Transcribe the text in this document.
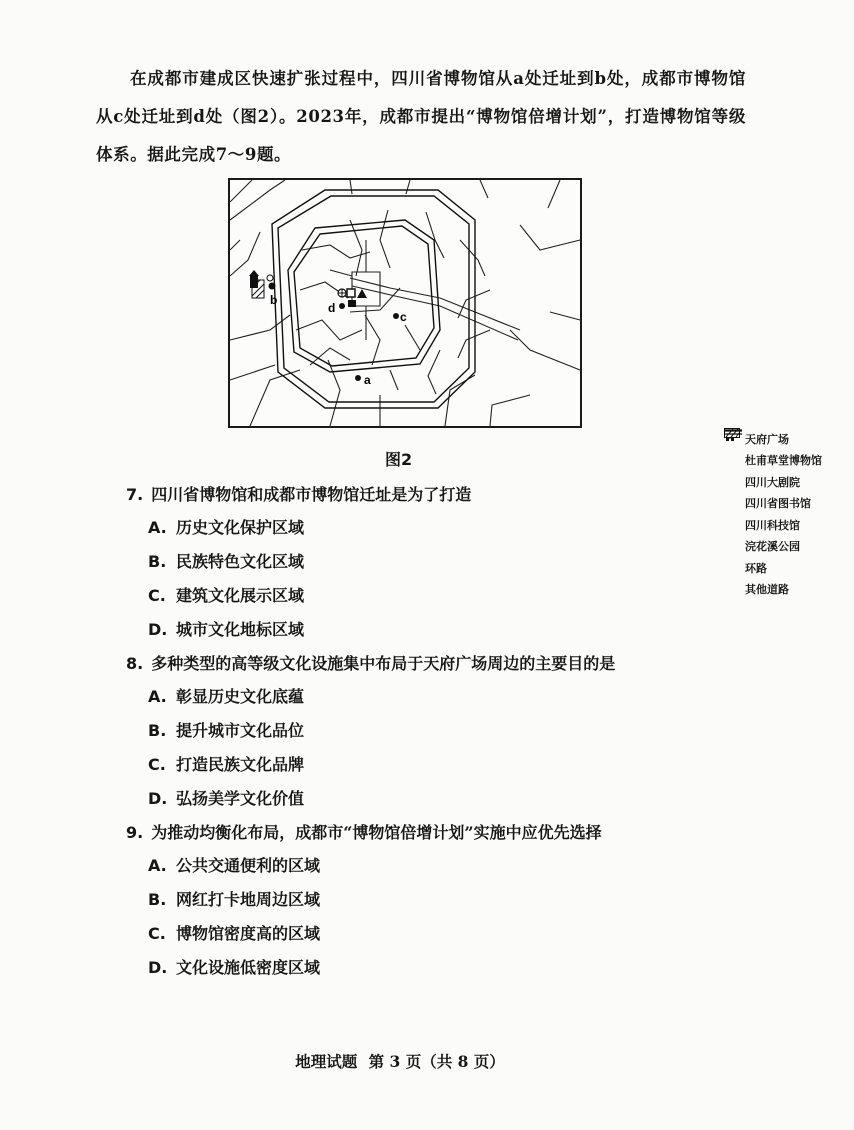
在成都市建成区快速扩张过程中，四川省博物馆从a处迁址到b处，成都市博物馆从c处迁址到d处（图2）。2023年，成都市提出“博物馆倍增计划”，打造博物馆等级体系。据此完成7～9题。
b
d
c
a
天府广场
杜甫草堂博物馆
四川大剧院
四川省图书馆
四川科技馆
浣花溪公园
环路
其他道路
图2
7. 四川省博物馆和成都市博物馆迁址是为了打造
A. 历史文化保护区域
B. 民族特色文化区域
C. 建筑文化展示区域
D. 城市文化地标区域
8. 多种类型的高等级文化设施集中布局于天府广场周边的主要目的是
A. 彰显历史文化底蕴
B. 提升城市文化品位
C. 打造民族文化品牌
D. 弘扬美学文化价值
9. 为推动均衡化布局，成都市“博物馆倍增计划”实施中应优先选择
A. 公共交通便利的区域
B. 网红打卡地周边区域
C. 博物馆密度高的区域
D. 文化设施低密度区域
地理试题 第 3 页（共 8 页）
